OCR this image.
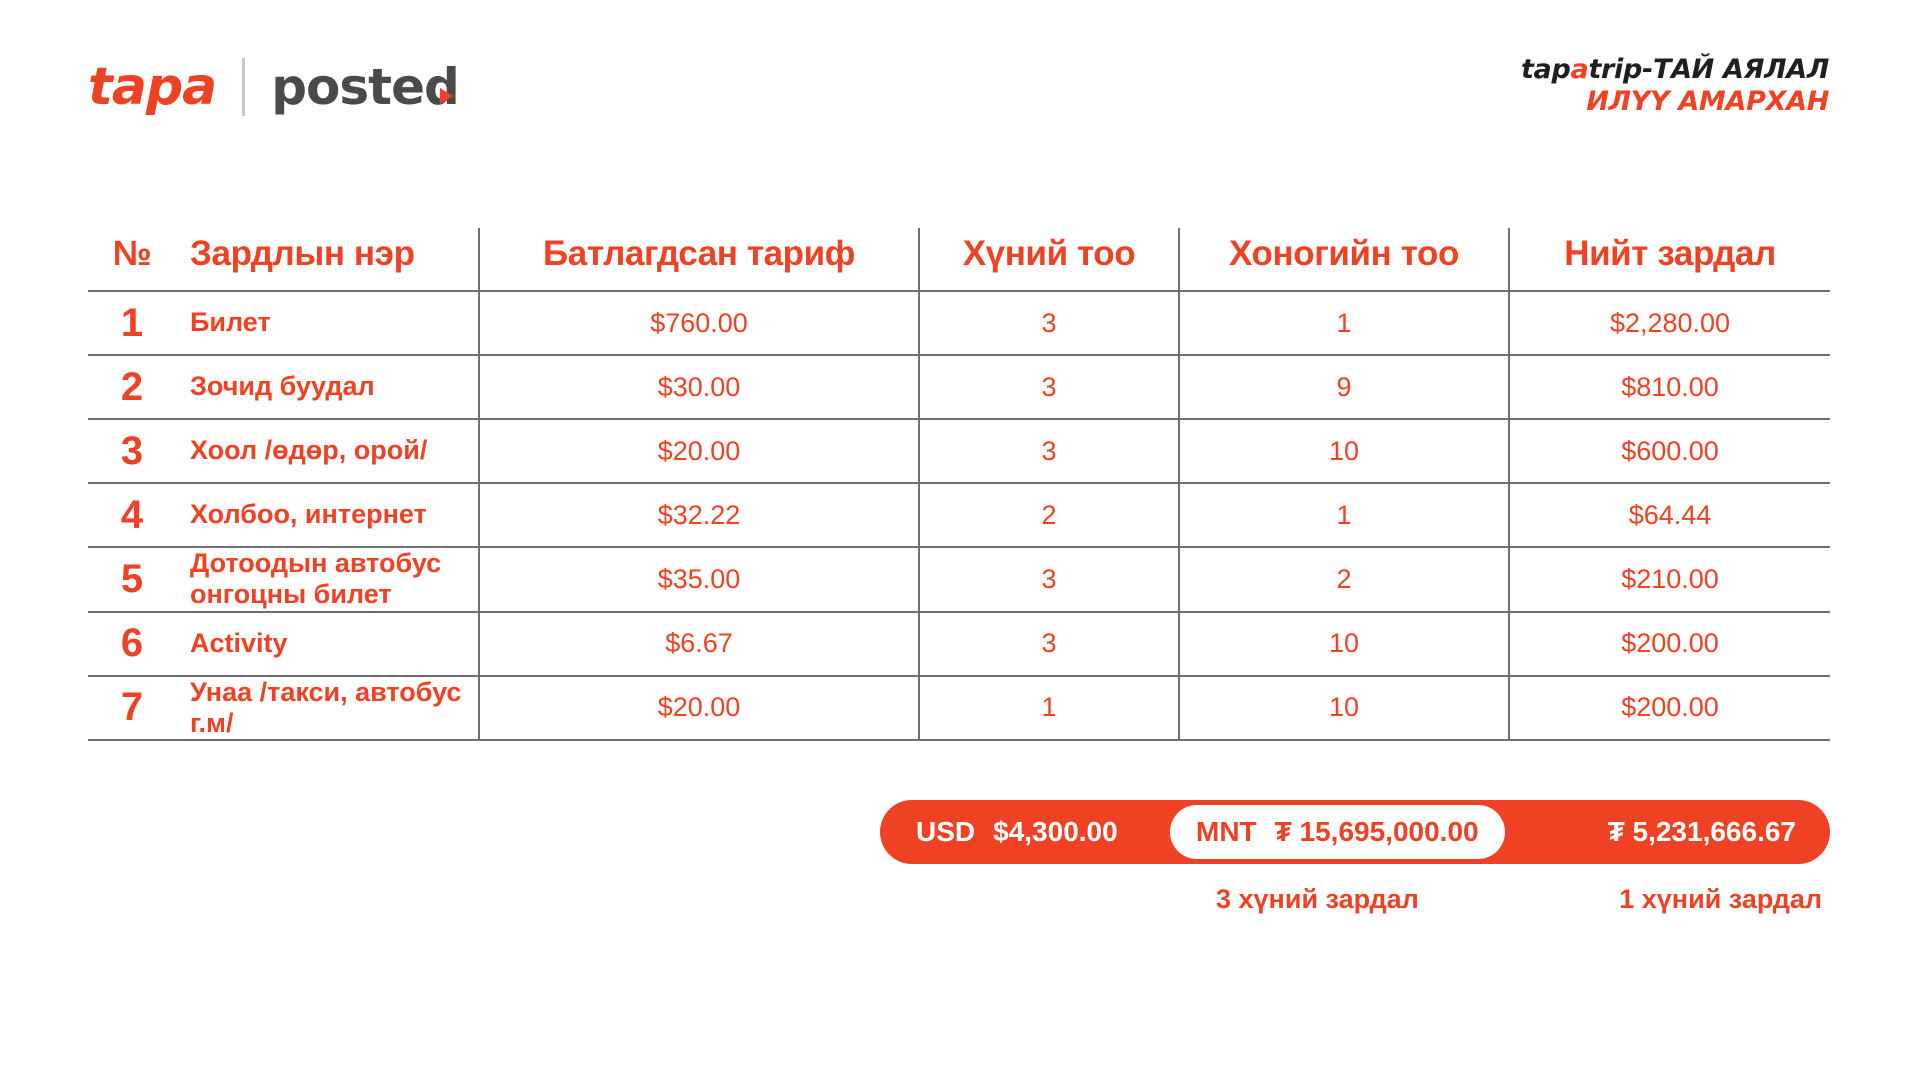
tapa posted	tapatrip-ТАЙ АЯЛАЛ
ИЛҮҮ АМАРХАН
№	Зардлын нэр	Батлагдсан тариф	Хүний тоо	Хоногийн тоо	Нийт зардал
1	Билет	$760.00	3	1	$2,280.00
2	Зочид буудал	$30.00	3	9	$810.00
3	Хоол /өдөр, орой/	$20.00	3	10	$600.00
4	Холбоо, интернет	$32.22	2	1	$64.44
5	Дотоодын автобус онгоцны билет	$35.00	3	2	$210.00
6	Activity	$6.67	3	10	$200.00
7	Унаа /такси, автобус г.м/	$20.00	1	10	$200.00
USD $4,300.00	MNT ₮ 15,695,000.00	₮ 5,231,666.67
3 хүний зардал	1 хүний зардал
